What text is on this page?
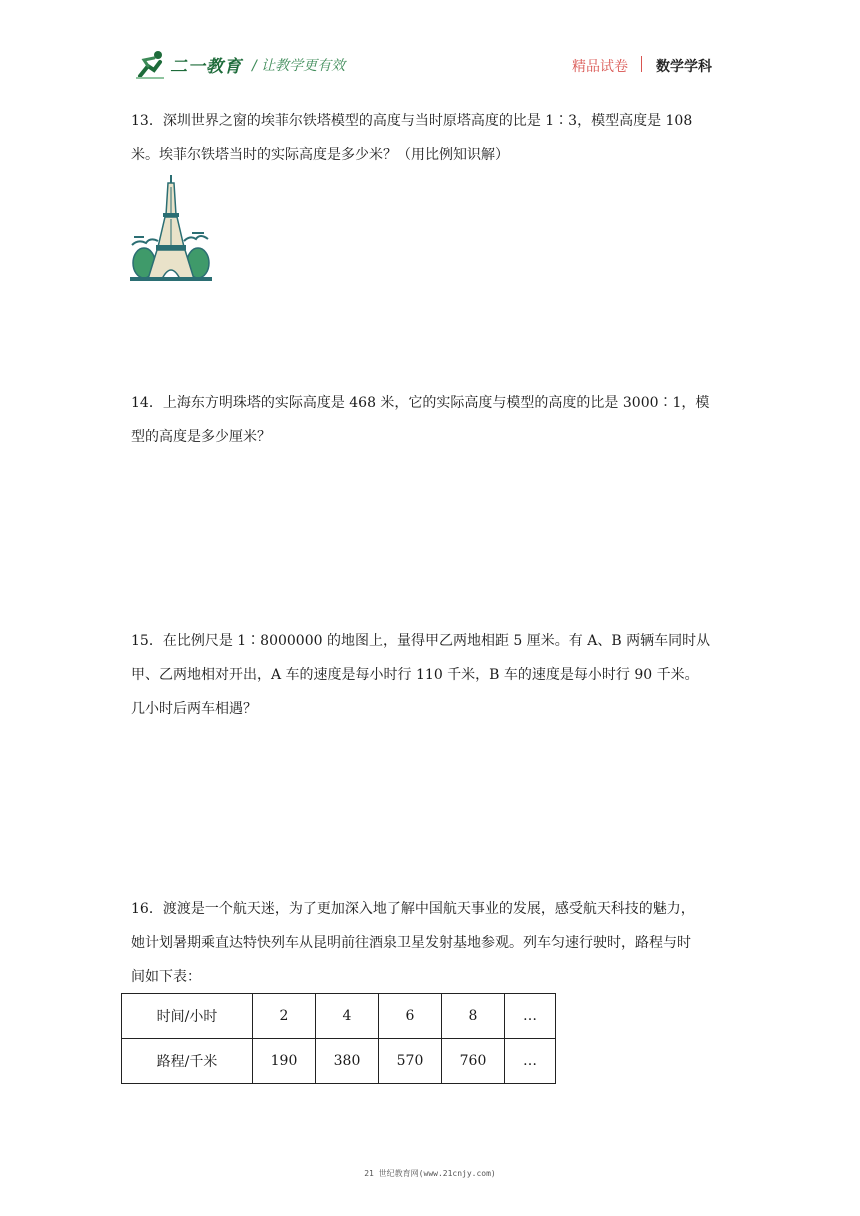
二一教育 / 让教学更有效	精品试卷 数学学科
13．深圳世界之窗的埃菲尔铁塔模型的高度与当时原塔高度的比是 1∶3，模型高度是 108
米。埃菲尔铁塔当时的实际高度是多少米？（用比例知识解）
14．上海东方明珠塔的实际高度是 468 米，它的实际高度与模型的高度的比是 3000∶1，模
型的高度是多少厘米？
15．在比例尺是 1∶8000000 的地图上，量得甲乙两地相距 5 厘米。有 A、B 两辆车同时从
甲、乙两地相对开出，A 车的速度是每小时行 110 千米，B 车的速度是每小时行 90 千米。
几小时后两车相遇？
16．渡渡是一个航天迷，为了更加深入地了解中国航天事业的发展，感受航天科技的魅力，
她计划暑期乘直达特快列车从昆明前往酒泉卫星发射基地参观。列车匀速行驶时，路程与时
间如下表：
时间/小时	2	4	6	8	…
路程/千米	190	380	570	760	…
21 世纪教育网(www.21cnjy.com)
